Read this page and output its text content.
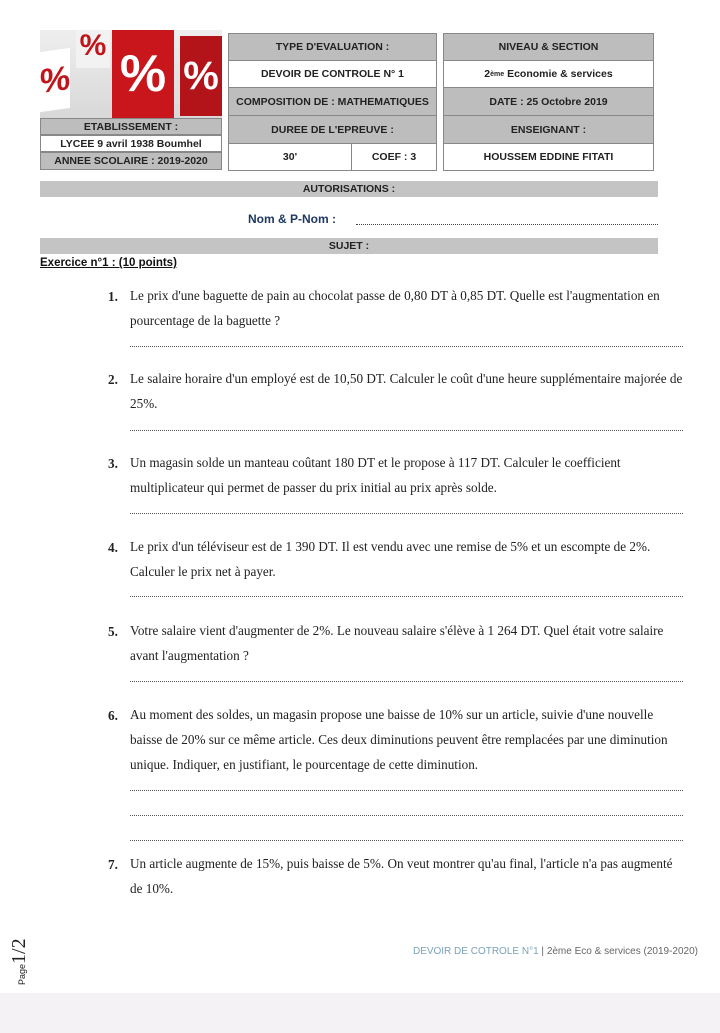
%
% % %
ETABLISSEMENT :
LYCEE 9 avril 1938 Boumhel
ANNEE SCOLAIRE : 2019-2020
TYPE D'EVALUATION :
DEVOIR DE CONTROLE N° 1
COMPOSITION DE : MATHEMATIQUES
DUREE DE L'EPREUVE :
30'	COEF : 3
NIVEAU & SECTION
2 ème
Economie & services
DATE : 25 Octobre 2019
ENSEIGNANT :
HOUSSEM EDDINE FITATI
AUTORISATIONS :
Nom & P-Nom :
SUJET :
Exercice n°1 : (10 points)
1. Le prix d'une baguette de pain au chocolat passe de 0,80 DT à 0,85 DT. Quelle est l'augmentation en pourcentage de la baguette ?
2. Le salaire horaire d'un employé est de 10,50 DT. Calculer le coût d'une heure supplémentaire majorée de 25%.
3. Un magasin solde un manteau coûtant 180 DT et le propose à 117 DT. Calculer le coefficient multiplicateur qui permet de passer du prix initial au prix après solde.
4. Le prix d'un téléviseur est de 1 390 DT. Il est vendu avec une remise de 5% et un escompte de 2%. Calculer le prix net à payer.
5. Votre salaire vient d'augmenter de 2%. Le nouveau salaire s'élève à 1 264 DT. Quel était votre salaire avant l'augmentation ?
6. Au moment des soldes, un magasin propose une baisse de 10% sur un article, suivie d'une nouvelle baisse de 20% sur ce même article. Ces deux diminutions peuvent être remplacées par une diminution unique. Indiquer, en justifiant, le pourcentage de cette diminution.
7. Un article augmente de 15%, puis baisse de 5%. On veut montrer qu'au final, l'article n'a pas augmenté de 10%.
Page1/2	DEVOIR DE COTROLE N°1 | 2ème Eco & services (2019-2020)
